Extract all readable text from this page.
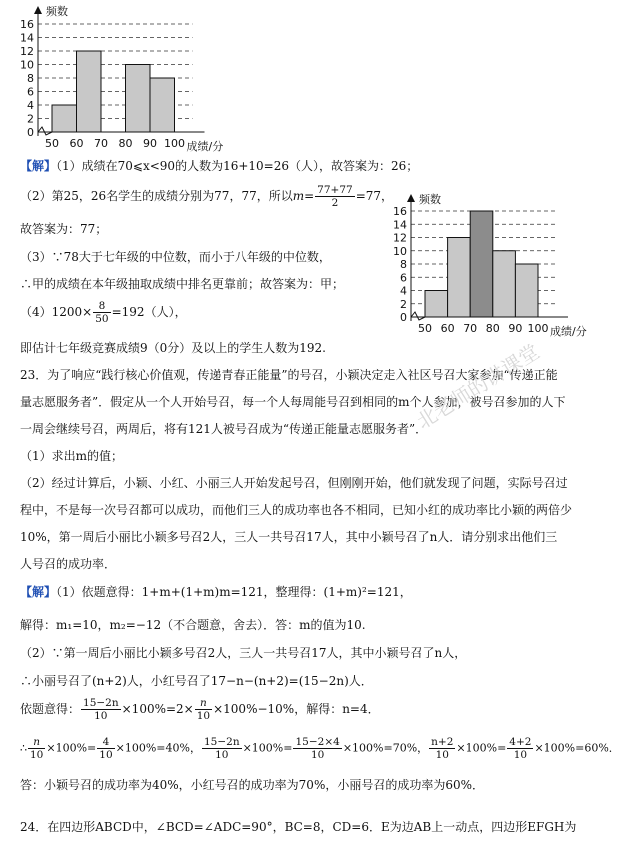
0
2
4
6
8
10
12
14
16
50 60 70 80 90 100 成绩/分
频数
0
2
4
6
8
10
12
14
16
50 60 70 80 90 100 成绩/分
频数
【解】（1）成绩在70⩽x<90的人数为16+10=26（人），故答案为：26；
（2）第25，26名学生的成绩分别为77，77，所以$m= \frac{77+77}{2} =77$，
故答案为：77；
（3）∵78大于七年级的中位数，而小于八年级的中位数，
∴甲的成绩在本年级抽取成绩中排名更靠前；故答案为：甲；
$(4)1200\times \frac{8}{50} =192$（人），
即估计七年级竞赛成绩9（0分）及以上的学生人数为192.
23．为了响应“践行核心价值观，传递青春正能量”的号召，小颖决定走入社区号召大家参加“传递正能
量志愿服务者”．假定从一个人开始号召，每一个人每周能号召到相同的m个人参加，被号召参加的人下
一周会继续号召，两周后，将有121人被号召成为“传递正能量志愿服务者”．
（1）求出m的值；
（2）经过计算后，小颖、小红、小丽三人开始发起号召，但刚刚开始，他们就发现了问题，实际号召过
程中，不是每一次号召都可以成功，而他们三人的成功率也各不相同，已知小红的成功率比小颖的两倍少
10%，第一周后小丽比小颖多号召2人，三人一共号召17人，其中小颖号召了n人．请分别求出他们三
人号召的成功率．
【解】（1）依题意得：1+m+(1+m)m=121，整理得：(1+m)²=121，
解得：m₁=10，m₂=−12（不合题意，舍去）．答：m的值为10.
（2）∵第一周后小丽比小颖多号召2人，三人一共号召17人，其中小颖号召了n人，
∴小丽号召了(n+2)人，小红号召了17−n−(n+2)=(15−2n)人．
依题意得： $\frac{15-2n}{10} \times 100\%=2\times \frac{n}{10} \times 100\%-10\%$，解得：n=4．
∴ $\frac{n}{10} \times 100\%= \frac{4}{10} \times 100\%=40\%$， $\frac{15-2n}{10} \times 100\%= \frac{15-2\times 4}{10} \times 100\%=70\%$， $\frac{n+2}{10} \times 100\%= \frac{4+2}{10} \times 100\%=60\%$．
答：小颖号召的成功率为40%，小红号召的成功率为70%，小丽号召的成功率为60%．
24．在四边形ABCD中，∠BCD=∠ADC=90°，BC=8，CD=6．E为边AB上一动点，四边形EFGH为
北老师的讲课堂
